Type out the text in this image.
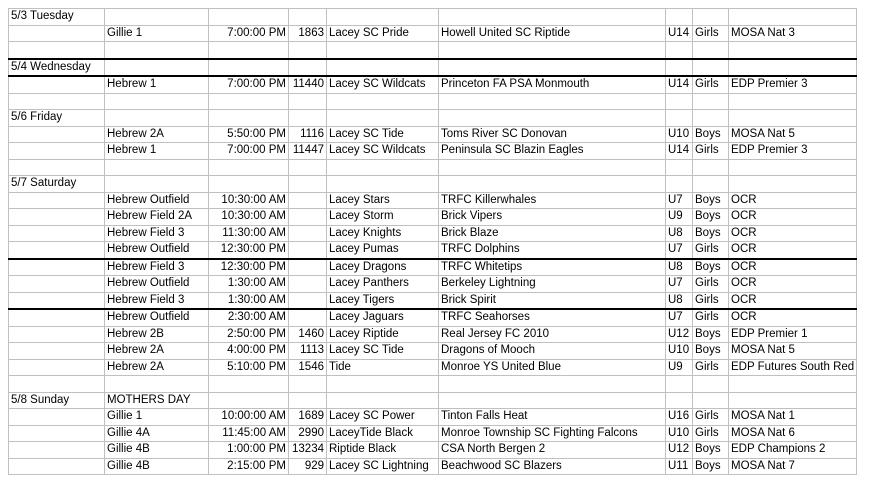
5/3 Tuesday								
	Gillie 1	7:00:00 PM	1863	Lacey SC Pride	Howell United SC Riptide	U14	Girls	MOSA Nat 3

5/4 Wednesday								
	Hebrew 1	7:00:00 PM	11440	Lacey SC Wildcats	Princeton FA PSA Monmouth	U14	Girls	EDP Premier 3

5/6 Friday								
	Hebrew 2A	5:50:00 PM	1116	Lacey SC Tide	Toms River SC Donovan	U10	Boys	MOSA Nat 5
	Hebrew 1	7:00:00 PM	11447	Lacey SC Wildcats	Peninsula SC Blazin Eagles	U14	Girls	EDP Premier 3

5/7 Saturday								
	Hebrew Outfield	10:30:00 AM		Lacey Stars	TRFC Killerwhales	U7	Boys	OCR
	Hebrew Field 2A	10:30:00 AM		Lacey Storm	Brick Vipers	U9	Boys	OCR
	Hebrew Field 3	11:30:00 AM		Lacey Knights	Brick Blaze	U8	Boys	OCR
	Hebrew Outfield	12:30:00 PM		Lacey Pumas	TRFC Dolphins	U7	Girls	OCR
	Hebrew Field 3	12:30:00 PM		Lacey Dragons	TRFC Whitetips	U8	Boys	OCR
	Hebrew Outfield	1:30:00 AM		Lacey Panthers	Berkeley Lightning	U7	Girls	OCR
	Hebrew Field 3	1:30:00 AM		Lacey Tigers	Brick Spirit	U8	Girls	OCR
	Hebrew Outfield	2:30:00 AM		Lacey Jaguars	TRFC Seahorses	U7	Girls	OCR
	Hebrew 2B	2:50:00 PM	1460	Lacey Riptide	Real Jersey FC 2010	U12	Boys	EDP Premier 1
	Hebrew 2A	4:00:00 PM	1113	Lacey SC Tide	Dragons of Mooch	U10	Boys	MOSA Nat 5
	Hebrew 2A	5:10:00 PM	1546	Tide	Monroe YS United Blue	U9	Girls	EDP Futures South Red

5/8 Sunday	MOTHERS DAY							
	Gillie 1	10:00:00 AM	1689	Lacey SC Power	Tinton Falls Heat	U16	Girls	MOSA Nat 1
	Gillie 4A	11:45:00 AM	2990	LaceyTide Black	Monroe Township SC Fighting Falcons	U10	Girls	MOSA Nat 6
	Gillie 4B	1:00:00 PM	13234	Riptide Black	CSA North Bergen 2	U12	Boys	EDP Champions 2
	Gillie 4B	2:15:00 PM	929	Lacey SC Lightning	Beachwood SC Blazers	U11	Boys	MOSA Nat 7
